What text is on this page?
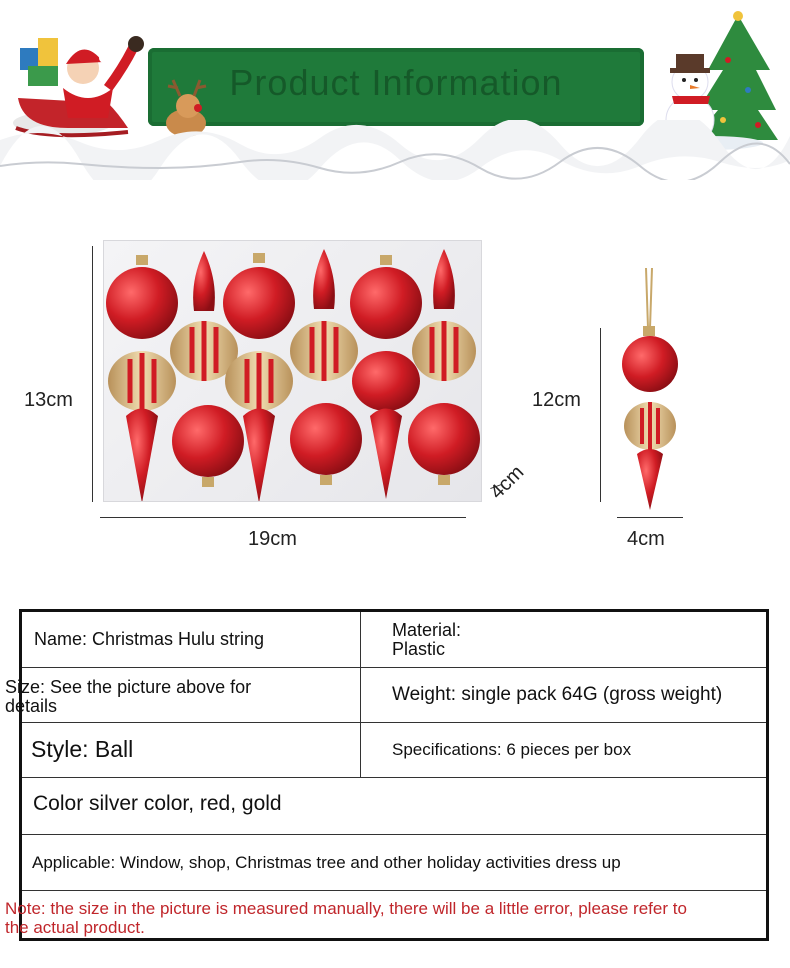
Product Information
13cm
19cm
4cm
12cm
4cm
Name: Christmas Hulu string	Material:
Plastic
Weight: single pack 64G (gross weight)
Style: Ball	Specifications: 6 pieces per box
Color silver color, red, gold
Applicable: Window, shop, Christmas tree and other holiday activities dress up
Size: See the picture above for
details
Note: the size in the picture is measured manually, there will be a little error, please refer to
the actual product.
